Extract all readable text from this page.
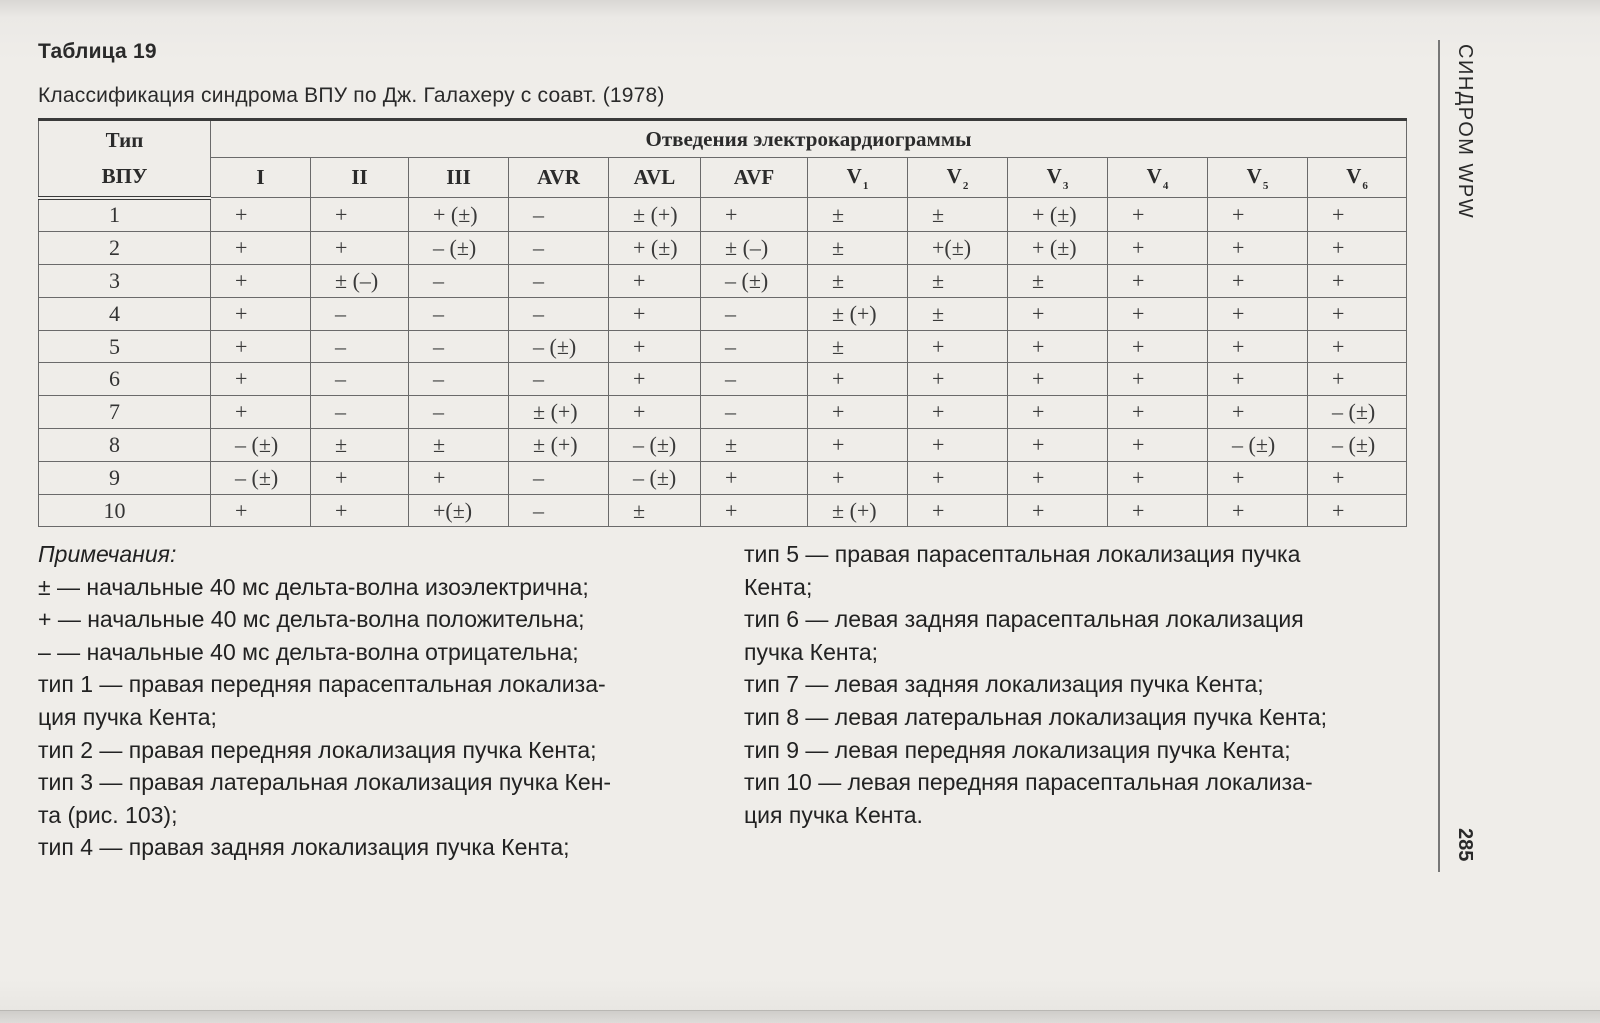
Таблица 19
Классификация синдрома ВПУ по Дж. Галахеру с соавт. (1978)
Тип
ВПУ	Отведения электрокардиограммы											
	I	II	III	AVR	AVL	AVF	$V_1$	$V_2$	$V_3$	$V_4$	$V_5$	$V_6$
1	+	+	+ (±)	–	± (+)	+	±	±	+ (±)	+	+	+
2	+	+	– (±)	–	+ (±)	± (–)	±	+(±)	+ (±)	+	+	+
3	+	± (–)	–	–	+	– (±)	±	±	±	+	+	+
4	+	–	–	–	+	–	± (+)	±	+	+	+	+
5	+	–	–	– (±)	+	–	±	+	+	+	+	+
6	+	–	–	–	+	–	+	+	+	+	+	+
7	+	–	–	± (+)	+	–	+	+	+	+	+	– (±)
8	– (±)	±	±	± (+)	– (±)	±	+	+	+	+	– (±)	– (±)
9	– (±)	+	+	–	– (±)	+	+	+	+	+	+	+
10	+	+	+(±)	–	±	+	± (+)	+	+	+	+	+
Примечания:
± — начальные 40 мс дельта-волна изоэлектрична;
+ — начальные 40 мс дельта-волна положительна;
– — начальные 40 мс дельта-волна отрицательна;
тип 1 — правая передняя парасептальная локализа-
ция пучка Кента;
тип 2 — правая передняя локализация пучка Кента;
тип 3 — правая латеральная локализация пучка Кен-
та (рис. 103);
тип 4 — правая задняя локализация пучка Кента;
тип 5 — правая парасептальная локализация пучка
Кента;
тип 6 — левая задняя парасептальная локализация
пучка Кента;
тип 7 — левая задняя локализация пучка Кента;
тип 8 — левая латеральная локализация пучка Кента;
тип 9 — левая передняя локализация пучка Кента;
тип 10 — левая передняя парасептальная локализа-
ция пучка Кента.
СИНДРОМ WPW
285
